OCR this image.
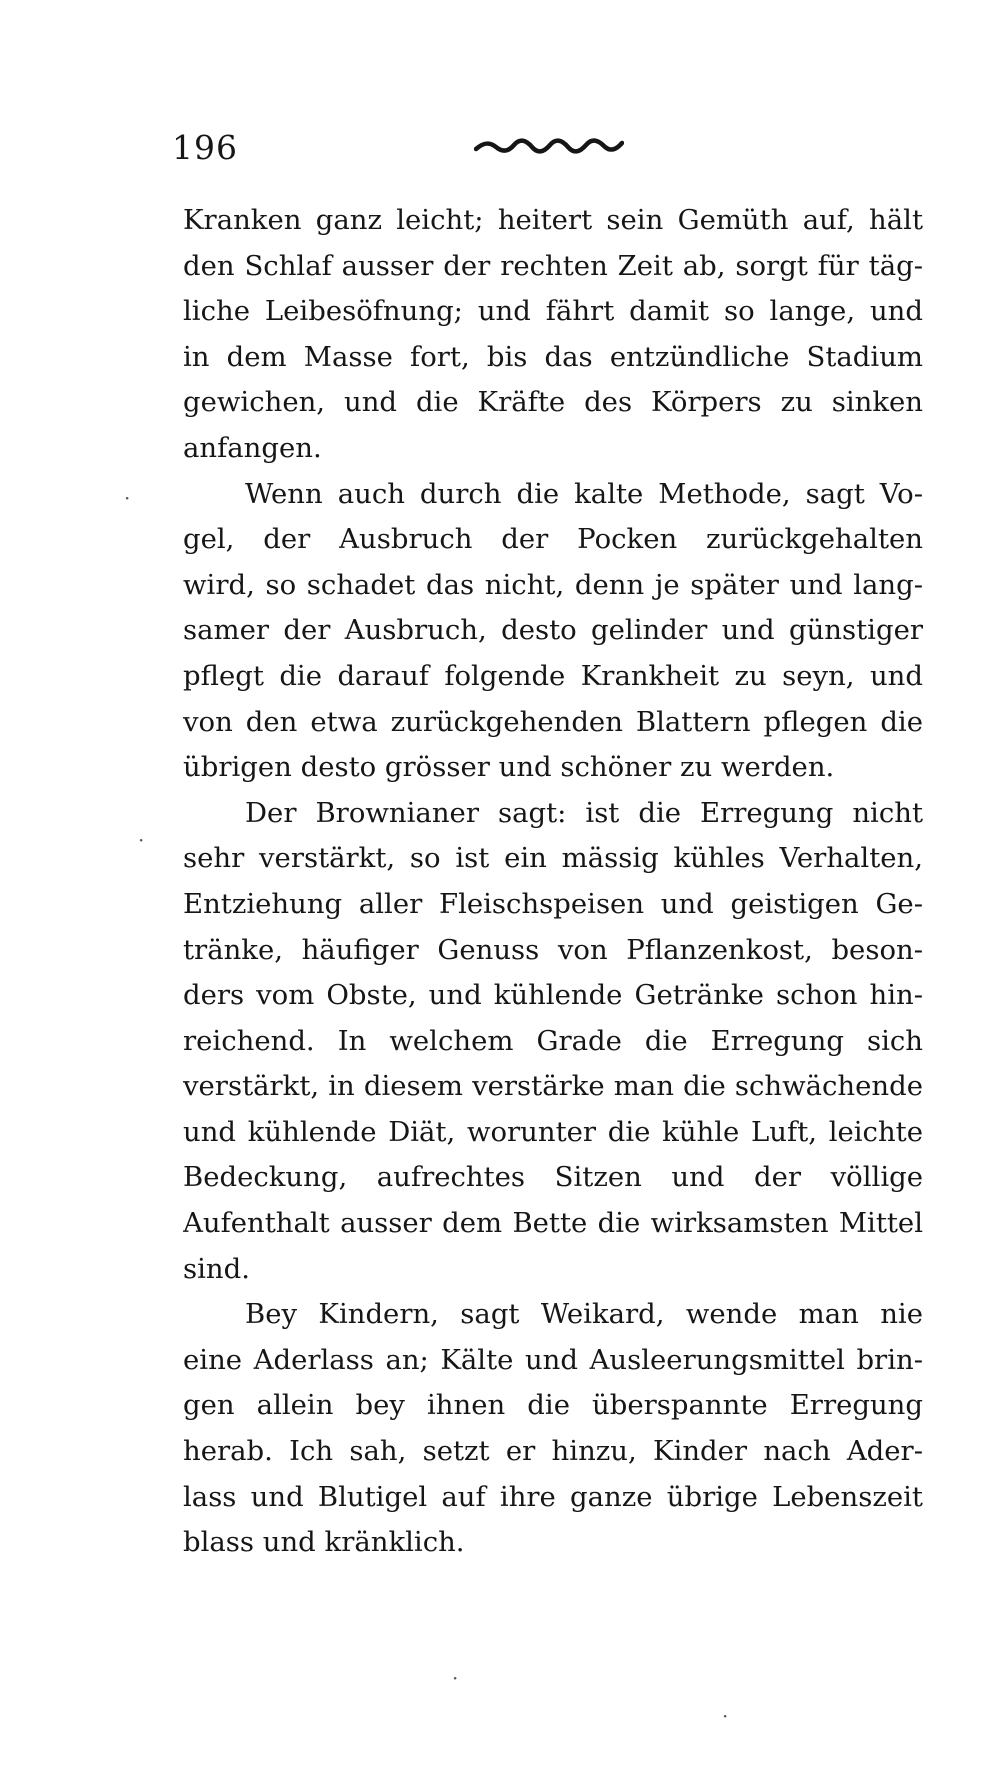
196
Kranken ganz leicht; heitert sein Gemüth auf, hält
den Schlaf ausser der rechten Zeit ab, sorgt für täg-
liche Leibesöfnung; und fährt damit so lange, und
in dem Masse fort, bis das entzündliche Stadium
gewichen, und die Kräfte des Körpers zu sinken
anfangen.
Wenn auch durch die kalte Methode, sagt Vo-
gel, der Ausbruch der Pocken zurückgehalten
wird, so schadet das nicht, denn je später und lang-
samer der Ausbruch, desto gelinder und günstiger
pflegt die darauf folgende Krankheit zu seyn, und
von den etwa zurückgehenden Blattern pflegen die
übrigen desto grösser und schöner zu werden.
Der Brownianer sagt: ist die Erregung nicht
sehr verstärkt, so ist ein mässig kühles Verhalten,
Entziehung aller Fleischspeisen und geistigen Ge-
tränke, häufiger Genuss von Pflanzenkost, beson-
ders vom Obste, und kühlende Getränke schon hin-
reichend. In welchem Grade die Erregung sich
verstärkt, in diesem verstärke man die schwächende
und kühlende Diät, worunter die kühle Luft, leichte
Bedeckung, aufrechtes Sitzen und der völlige
Aufenthalt ausser dem Bette die wirksamsten Mittel
sind.
Bey Kindern, sagt Weikard, wende man nie
eine Aderlass an; Kälte und Ausleerungsmittel brin-
gen allein bey ihnen die überspannte Erregung
herab. Ich sah, setzt er hinzu, Kinder nach Ader-
lass und Blutigel auf ihre ganze übrige Lebenszeit
blass und kränklich.
·
·
·
·
